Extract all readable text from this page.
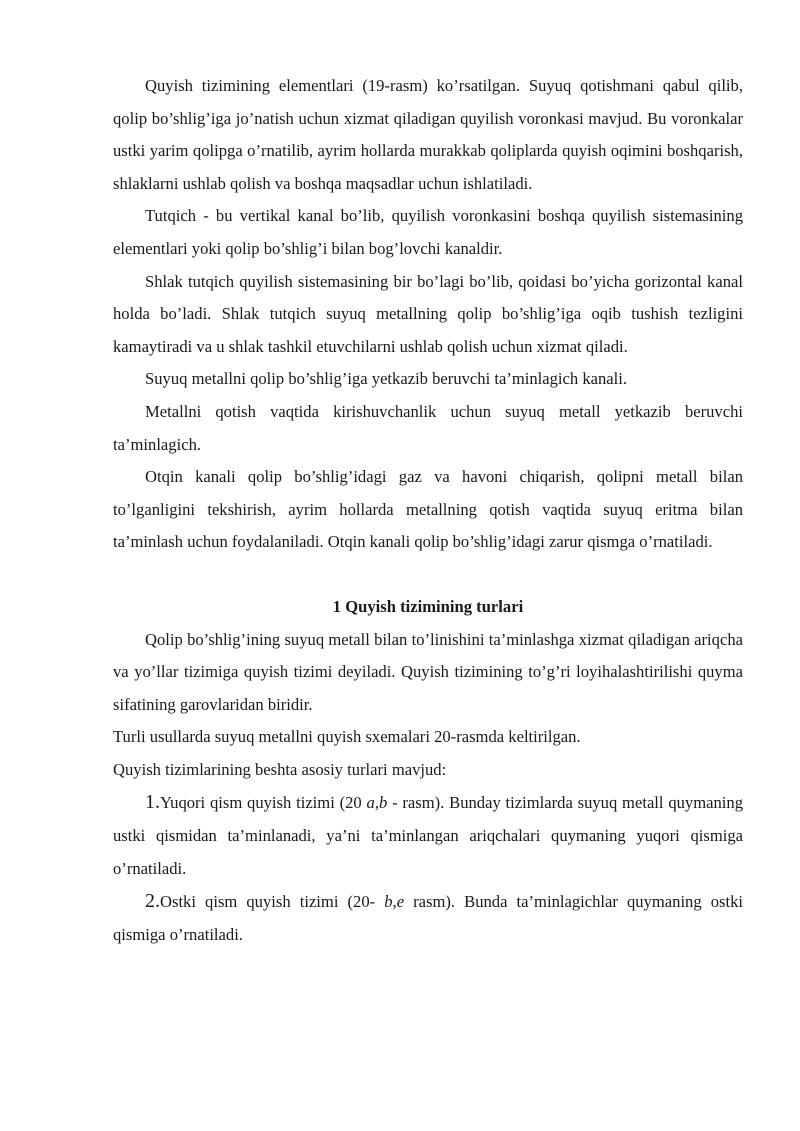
Quyish tizimining elementlari (19-rasm) ko’rsatilgan. Suyuq qotishmani qabul qilib, qolip bo’shlig’iga jo’natish uchun xizmat qiladigan quyilish voronkasi mavjud. Bu voronkalar ustki yarim qolipga o’rnatilib, ayrim hollarda murakkab qoliplarda quyish oqimini boshqarish, shlaklarni ushlab qolish va boshqa maqsadlar uchun ishlatiladi.

Tutqich - bu vertikal kanal bo’lib, quyilish voronkasini boshqa quyilish sistemasining elementlari yoki qolip bo’shlig’i bilan bog’lovchi kanaldir.

Shlak tutqich quyilish sistemasining bir bo’lagi bo’lib, qoidasi bo’yicha gorizontal kanal holda bo’ladi. Shlak tutqich suyuq metallning qolip bo’shlig’iga oqib tushish tezligini kamaytiradi va u shlak tashkil etuvchilarni ushlab qolish uchun xizmat qiladi.

Suyuq metallni qolip bo’shlig’iga yetkazib beruvchi ta’minlagich kanali.

Metallni qotish vaqtida kirishuvchanlik uchun suyuq metall yetkazib beruvchi ta’minlagich.

Otqin kanali qolip bo’shlig’idagi gaz va havoni chiqarish, qolipni metall bilan to’lganligini tekshirish, ayrim hollarda metallning qotish vaqtida suyuq eritma bilan ta’minlash uchun foydalaniladi. Otqin kanali qolip bo’shlig’idagi zarur qismga o’rnatiladi.

1 Quyish tizimining turlari

Qolip bo’shlig’ining suyuq metall bilan to’linishini ta’minlashga xizmat qiladigan ariqcha va yo’llar tizimiga quyish tizimi deyiladi. Quyish tizimining to’g’ri loyihalashtirilishi quyma sifatining garovlaridan biridir.

Turli usullarda suyuq metallni quyish sxemalari 20-rasmda keltirilgan.

Quyish tizimlarining beshta asosiy turlari mavjud:

1.Yuqori qism quyish tizimi (20 a,b - rasm). Bunday tizimlarda suyuq metall quymaning ustki qismidan ta’minlanadi, ya’ni ta’minlangan ariqchalari quymaning yuqori qismiga o’rnatiladi.

2.Ostki qism quyish tizimi (20- b,e rasm). Bunda ta’minlagichlar quymaning ostki qismiga o’rnatiladi.
